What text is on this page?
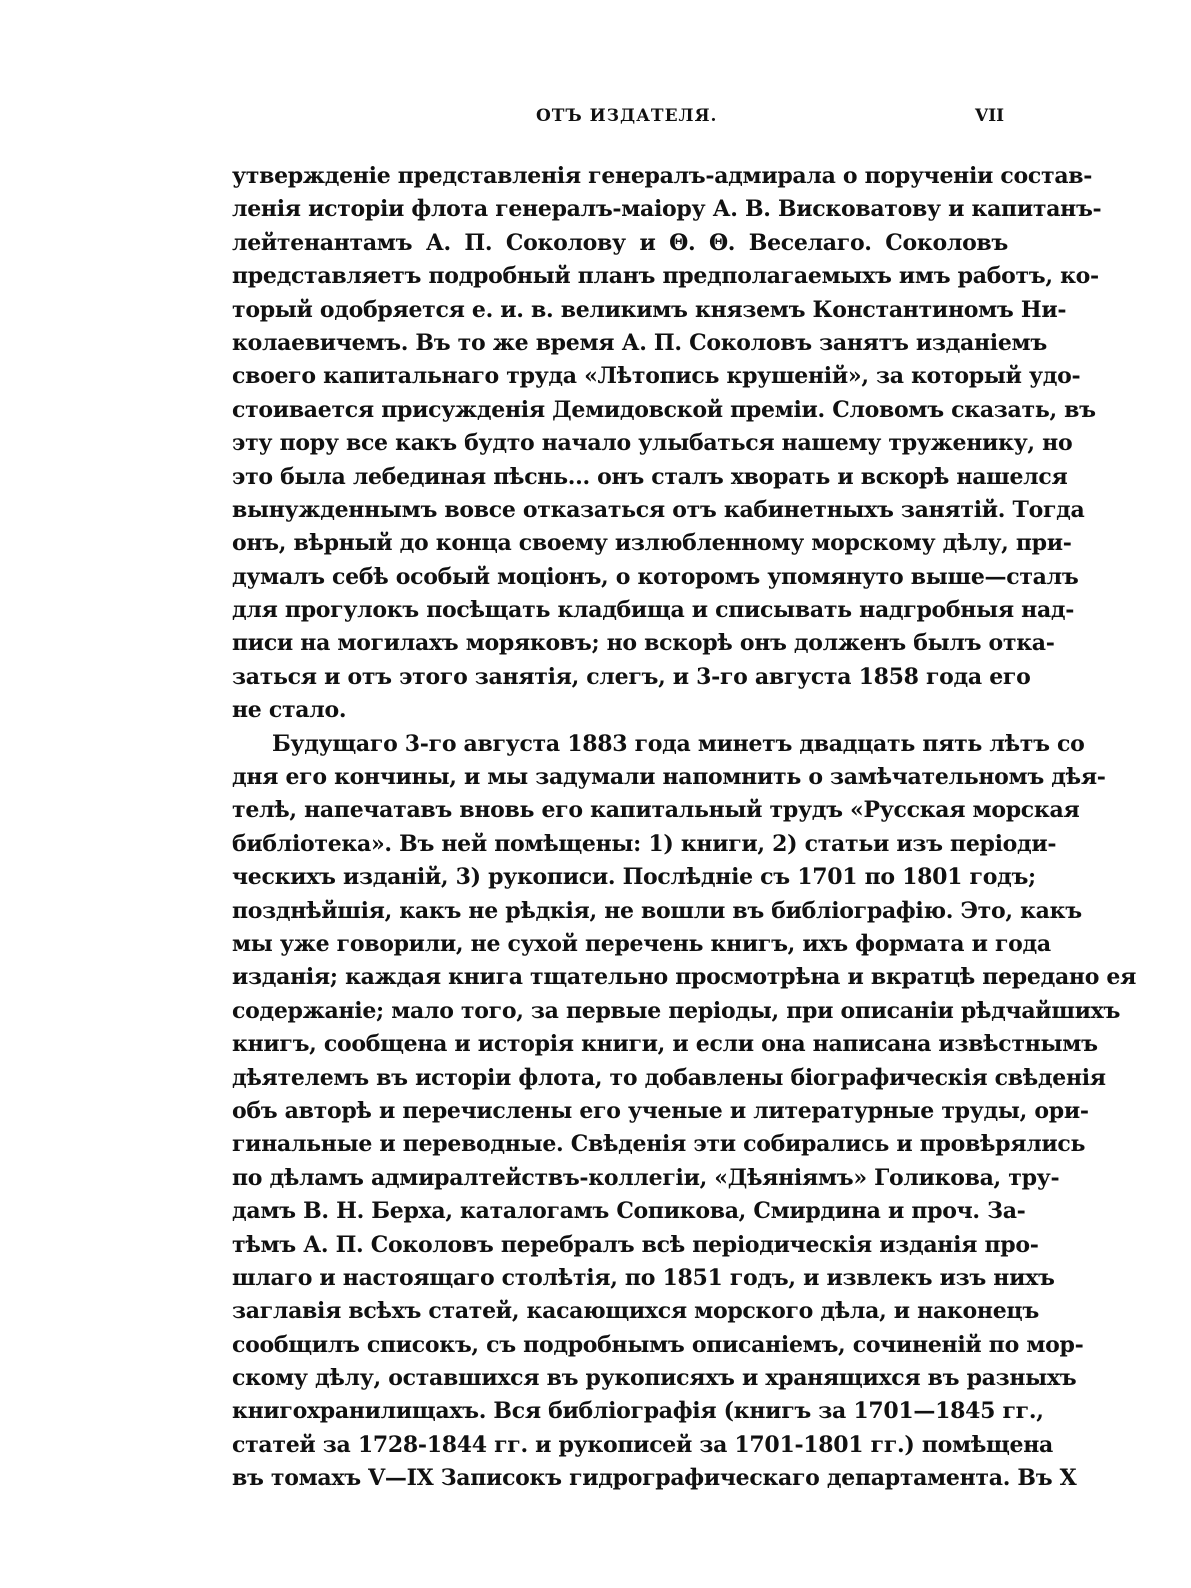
ОТЪ ИЗДАТЕЛЯ.	VII
утвержденіе представленія генералъ-адмирала о порученіи состав-
ленія исторіи флота генералъ-маіору А. В. Висковатову и капитанъ-
лейтенантамъ А. П. Соколову и Θ. Θ. Веселаго. Соколовъ
представляетъ подробный планъ предполагаемыхъ имъ работъ, ко-
торый одобряется е. и. в. великимъ княземъ Константиномъ Ни-
колаевичемъ. Въ то же время А. П. Соколовъ занятъ изданіемъ
своего капитальнаго труда «Лѣтопись крушеній», за который удо-
стоивается присужденія Демидовской преміи. Словомъ сказать, въ
эту пору все какъ будто начало улыбаться нашему труженику, но
это была лебединая пѣснь... онъ сталъ хворать и вскорѣ нашелся
вынужденнымъ вовсе отказаться отъ кабинетныхъ занятій. Тогда
онъ, вѣрный до конца своему излюбленному морскому дѣлу, при-
думалъ себѣ особый моціонъ, о которомъ упомянуто выше—сталъ
для прогулокъ посѣщать кладбища и списывать надгробныя над-
писи на могилахъ моряковъ; но вскорѣ онъ долженъ былъ отка-
заться и отъ этого занятія, слегъ, и 3-го августа 1858 года его
не стало.
Будущаго 3-го августа 1883 года минетъ двадцать пять лѣтъ со
дня его кончины, и мы задумали напомнить о замѣчательномъ дѣя-
телѣ, напечатавъ вновь его капитальный трудъ «Русская морская
библіотека». Въ ней помѣщены: 1) книги, 2) статьи изъ періоди-
ческихъ изданій, 3) рукописи. Послѣдніе съ 1701 по 1801 годъ;
позднѣйшія, какъ не рѣдкія, не вошли въ библіографію. Это, какъ
мы уже говорили, не сухой перечень книгъ, ихъ формата и года
изданія; каждая книга тщательно просмотрѣна и вкратцѣ передано ея
содержаніе; мало того, за первые періоды, при описаніи рѣдчайшихъ
книгъ, сообщена и исторія книги, и если она написана извѣстнымъ
дѣятелемъ въ исторіи флота, то добавлены біографическія свѣденія
объ авторѣ и перечислены его ученые и литературные труды, ори-
гинальные и переводные. Свѣденія эти собирались и провѣрялись
по дѣламъ адмиралтействъ-коллегіи, «Дѣяніямъ» Голикова, тру-
дамъ В. Н. Берха, каталогамъ Сопикова, Смирдина и проч. За-
тѣмъ А. П. Соколовъ перебралъ всѣ періодическія изданія про-
шлаго и настоящаго столѣтія, по 1851 годъ, и извлекъ изъ нихъ
заглавія всѣхъ статей, касающихся морского дѣла, и наконецъ
сообщилъ списокъ, съ подробнымъ описаніемъ, сочиненій по мор-
скому дѣлу, оставшихся въ рукописяхъ и хранящихся въ разныхъ
книгохранилищахъ. Вся библіографія (книгъ за 1701—1845 гг.,
статей за 1728-1844 гг. и рукописей за 1701-1801 гг.) помѣщена
въ томахъ V—IX Записокъ гидрографическаго департамента. Въ X
